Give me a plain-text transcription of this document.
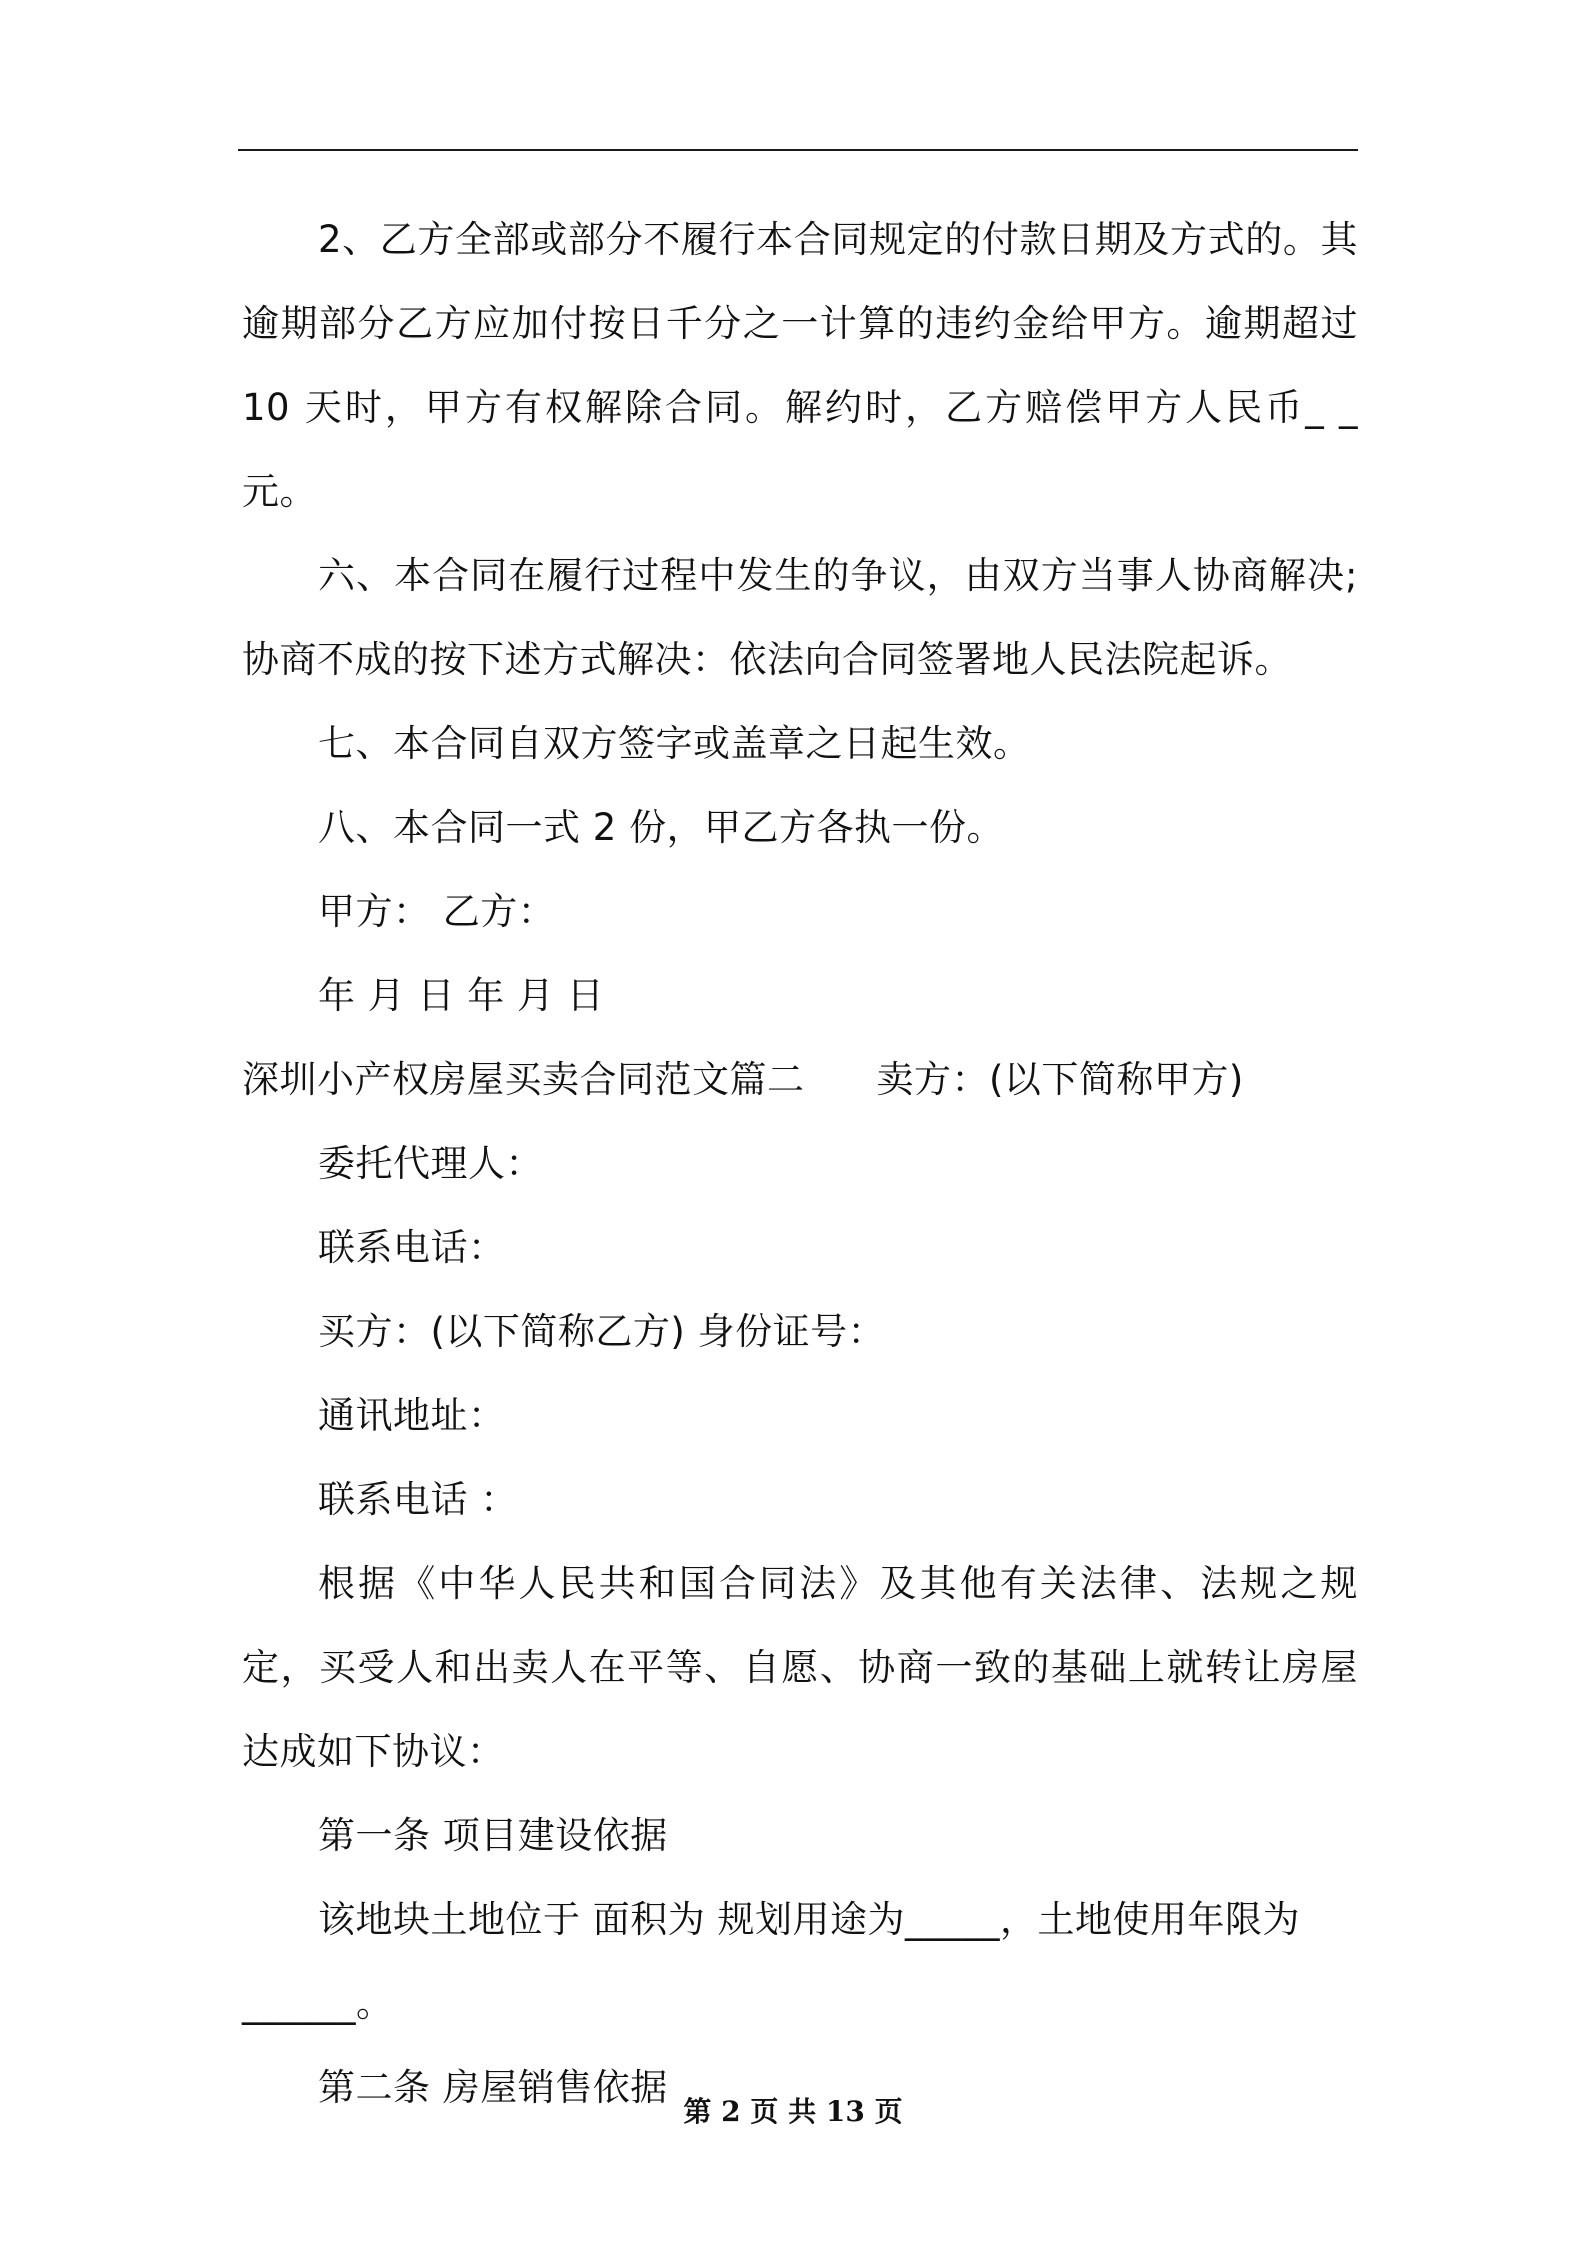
2、乙方全部或部分不履行本合同规定的付款日期及方式的。其逾期部分乙方应加付按日千分之一计算的违约金给甲方。逾期超过 10 天时，甲方有权解除合同。解约时，乙方赔偿甲方人民币_ _元。

六、本合同在履行过程中发生的争议，由双方当事人协商解决;协商不成的按下述方式解决：依法向合同签署地人民法院起诉。

七、本合同自双方签字或盖章之日起生效。

八、本合同一式 2 份，甲乙方各执一份。

甲方： 乙方：

年 月 日 年 月 日

深圳小产权房屋买卖合同范文篇二 卖方：(以下简称甲方)

委托代理人：

联系电话：

买方：(以下简称乙方) 身份证号：

通讯地址：

联系电话 ：

根据《中华人民共和国合同法》及其他有关法律、法规之规定，买受人和出卖人在平等、自愿、协商一致的基础上就转让房屋达成如下协议：

第一条 项目建设依据

该地块土地位于 面积为 规划用途为_____，土地使用年限为

______。

第二条 房屋销售依据

第 2 页 共 13 页
